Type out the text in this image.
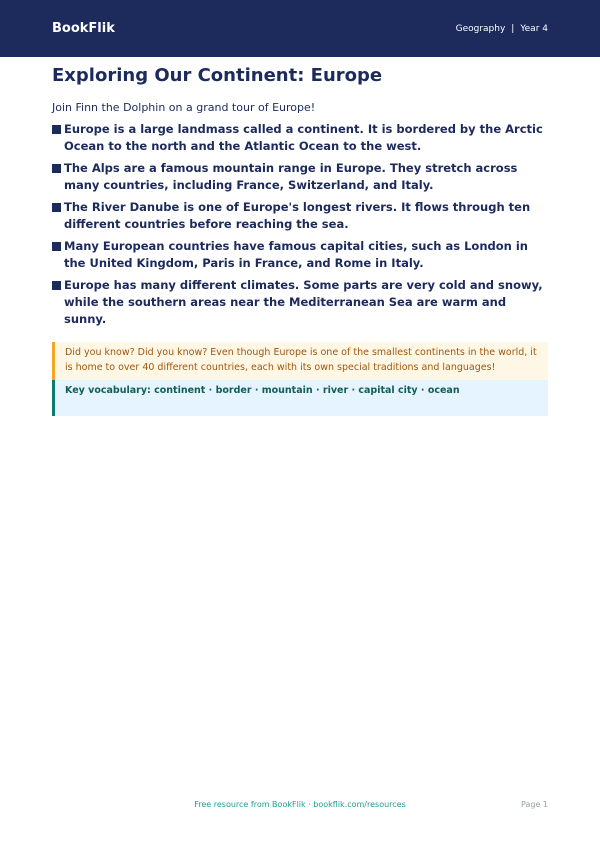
BookFlik	Geography | Year 4
Exploring Our Continent: Europe
Join Finn the Dolphin on a grand tour of Europe!
Europe is a large landmass called a continent. It is bordered by the Arctic Ocean to the north and the Atlantic Ocean to the west.
The Alps are a famous mountain range in Europe. They stretch across many countries, including France, Switzerland, and Italy.
The River Danube is one of Europe's longest rivers. It flows through ten different countries before reaching the sea.
Many European countries have famous capital cities, such as London in the United Kingdom, Paris in France, and Rome in Italy.
Europe has many different climates. Some parts are very cold and snowy, while the southern areas near the Mediterranean Sea are warm and sunny.
Did you know? Did you know? Even though Europe is one of the smallest continents in the world, it is home to over 40 different countries, each with its own special traditions and languages!
Key vocabulary: continent · border · mountain · river · capital city · ocean
Free resource from BookFlik · bookflik.com/resources	Page 1
